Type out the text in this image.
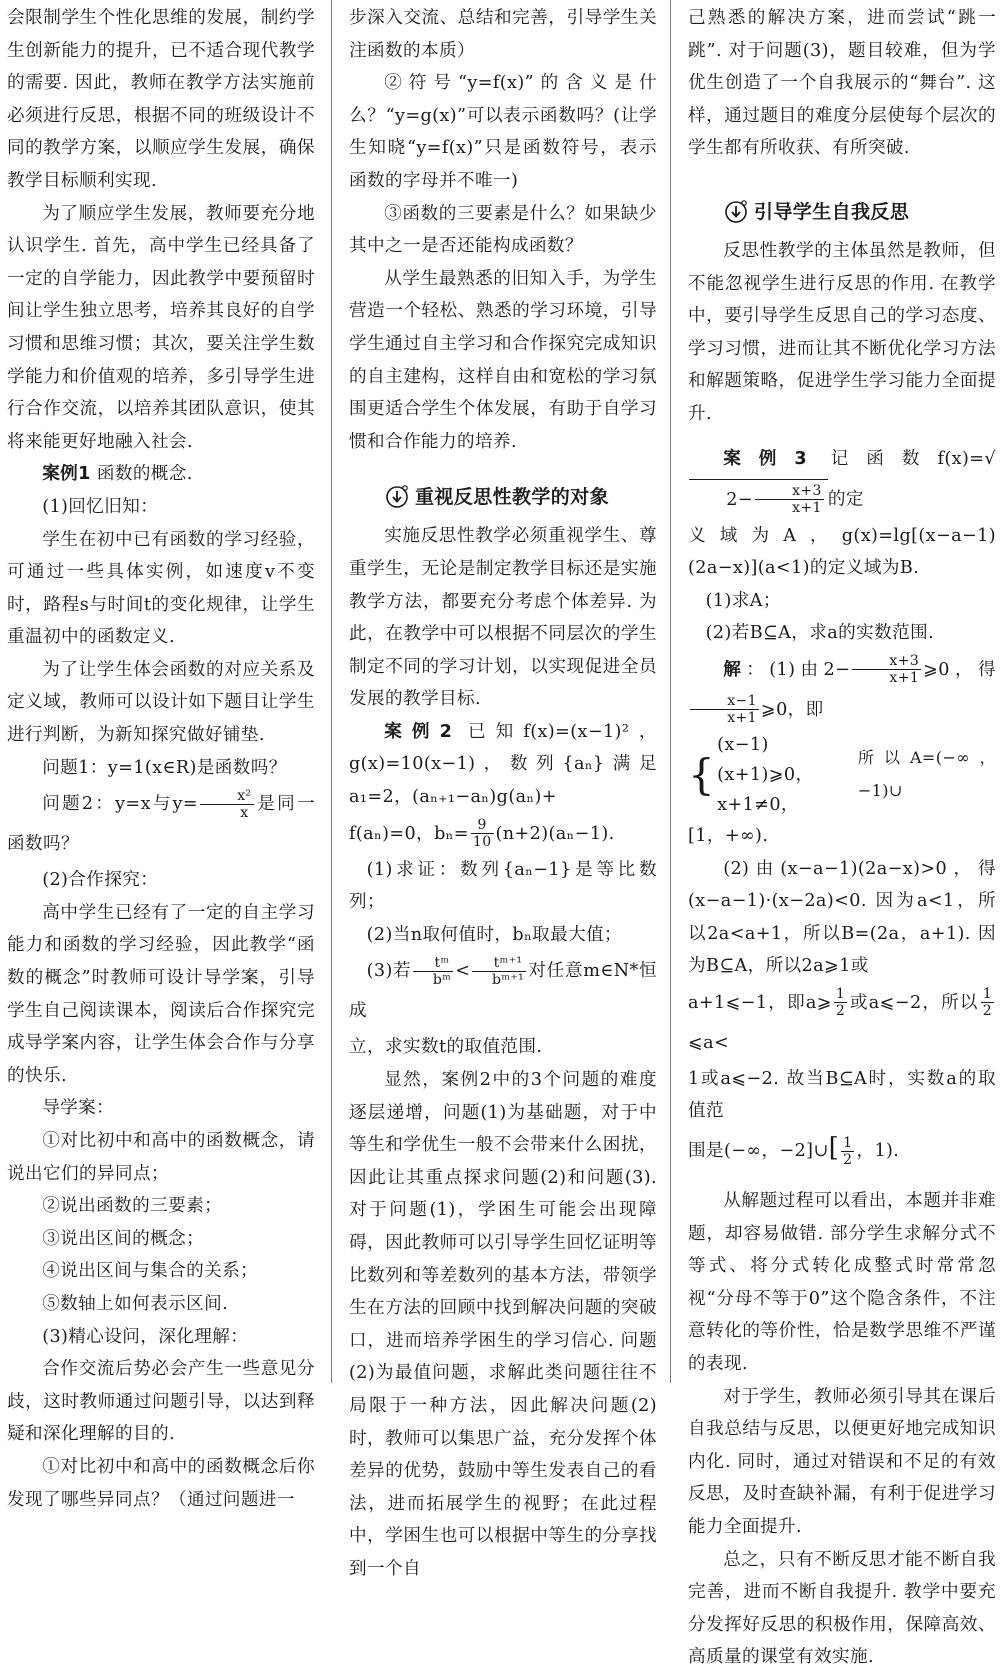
会限制学生个性化思维的发展，制约学生创新能力的提升，已不适合现代教学的需要. 因此，教师在教学方法实施前必须进行反思，根据不同的班级设计不同的教学方案，以顺应学生发展，确保教学目标顺利实现.

为了顺应学生发展，教师要充分地认识学生. 首先，高中学生已经具备了一定的自学能力，因此教学中要预留时间让学生独立思考，培养其良好的自学习惯和思维习惯；其次，要关注学生数学能力和价值观的培养，多引导学生进行合作交流，以培养其团队意识，使其将来能更好地融入社会.

案例1 函数的概念.

(1)回忆旧知：

学生在初中已有函数的学习经验，可通过一些具体实例，如速度v不变时，路程s与时间t的变化规律，让学生重温初中的函数定义.

为了让学生体会函数的对应关系及定义域，教师可以设计如下题目让学生进行判断，为新知探究做好铺垫.

问题1：y=1(x∈R)是函数吗？

问题2：y=x与$y= \frac{\text{x²}}{x}$ 是同一函数吗？

(2)合作探究：

高中学生已经有了一定的自主学习能力和函数的学习经验，因此教学“函数的概念”时教师可设计导学案，引导学生自己阅读课本，阅读后合作探究完成导学案内容，让学生体会合作与分享的快乐.

导学案：

①对比初中和高中的函数概念，请说出它们的异同点；

②说出函数的三要素；

③说出区间的概念；

④说出区间与集合的关系；

⑤数轴上如何表示区间.

(3)精心设问，深化理解：

合作交流后势必会产生一些意见分歧，这时教师通过问题引导，以达到释疑和深化理解的目的.

①对比初中和高中的函数概念后你发现了哪些异同点？（通过问题进一

步深入交流、总结和完善，引导学生关注函数的本质）

②符号“y=f(x)”的含义是什么？“y=g(x)”可以表示函数吗？(让学生知晓“y=f(x)”只是函数符号，表示函数的字母并不唯一)

③函数的三要素是什么？如果缺少其中之一是否还能构成函数？

从学生最熟悉的旧知入手，为学生营造一个轻松、熟悉的学习环境，引导学生通过自主学习和合作探究完成知识的自主建构，这样自由和宽松的学习氛围更适合学生个体发展，有助于自学习惯和合作能力的培养.

重视反思性教学的对象

实施反思性教学必须重视学生、尊重学生，无论是制定教学目标还是实施教学方法，都要充分考虑个体差异. 为此，在教学中可以根据不同层次的学生制定不同的学习计划，以实现促进全员发展的教学目标.

案例2 已知f(x)=(x−1)²，g(x)=10(x−1)，数列{aₙ}满足a₁=2，(aₙ₊₁−aₙ)g(aₙ)+

f(aₙ)=0，$b_n= \frac{9}{10} (n+2)(a_n-1)$.

(1)求证：数列{aₙ−1}是等比数列；

(2)当n取何值时，bₙ取最大值；

(3)若 $\frac{\text{tᵐ}}{\text{bᵐ}} < \frac{\text{tᵐ⁺¹}}{\text{bᵐ⁺¹}}$ 对任意m∈N*恒成

立，求实数t的取值范围.

显然，案例2中的3个问题的难度逐层递增，问题(1)为基础题，对于中等生和学优生一般不会带来什么困扰，因此让其重点探求问题(2)和问题(3). 对于问题(1)，学困生可能会出现障碍，因此教师可以引导学生回忆证明等比数列和等差数列的基本方法，带领学生在方法的回顾中找到解决问题的突破口，进而培养学困生的学习信心. 问题(2)为最值问题，求解此类问题往往不局限于一种方法，因此解决问题(2)时，教师可以集思广益，充分发挥个体差异的优势，鼓励中等生发表自己的看法，进而拓展学生的视野；在此过程中，学困生也可以根据中等生的分享找到一个自

己熟悉的解决方案，进而尝试“跳一跳”. 对于问题(3)，题目较难，但为学优生创造了一个自我展示的“舞台”. 这样，通过题目的难度分层使每个层次的学生都有所收获、有所突破.

引导学生自我反思

反思性教学的主体虽然是教师，但不能忽视学生进行反思的作用. 在教学中，要引导学生反思自己的学习态度、学习习惯，进而让其不断优化学习方法和解题策略，促进学生学习能力全面提升.

案例3 记函数$f(x)=√2- \frac{x+3}{x+1}$ 的定

义域为A，g(x)=lg[(x−a−1)(2a−x)](a<1)的定义域为B.

(1)求A；

(2)若B⊆A，求a的实数范围.

解：(1)由$2- \frac{x+3}{x+1}$ ⩾0，得
$\frac{x-1}{x+1}$ ⩾0，即

{
(x−1)(x+1)⩾0，
x+1≠0，
所以A=(−∞，−1)∪

[1，+∞).

(2)由(x−a−1)(2a−x)>0，得(x−a−1)·(x−2a)<0. 因为a<1，所以2a<a+1，所以B=(2a，a+1). 因为B⊆A，所以2a⩾1或

a+1⩽−1，即a⩾ $\frac{1}{2}$ 或a⩽−2，所以 $\frac{1}{2}$
⩽a<

1或a⩽−2. 故当B⊆A时，实数a的取值范

围是(−∞，−2]∪[ $\frac{1}{2}$ ，1).

从解题过程可以看出，本题并非难题，却容易做错. 部分学生求解分式不等式、将分式转化成整式时常常忽视“分母不等于0”这个隐含条件，不注意转化的等价性，恰是数学思维不严谨的表现.

对于学生，教师必须引导其在课后自我总结与反思，以便更好地完成知识内化. 同时，通过对错误和不足的有效反思，及时查缺补漏，有利于促进学习能力全面提升.

总之，只有不断反思才能不断自我完善，进而不断自我提升. 教学中要充分发挥好反思的积极作用，保障高效、高质量的课堂有效实施.
